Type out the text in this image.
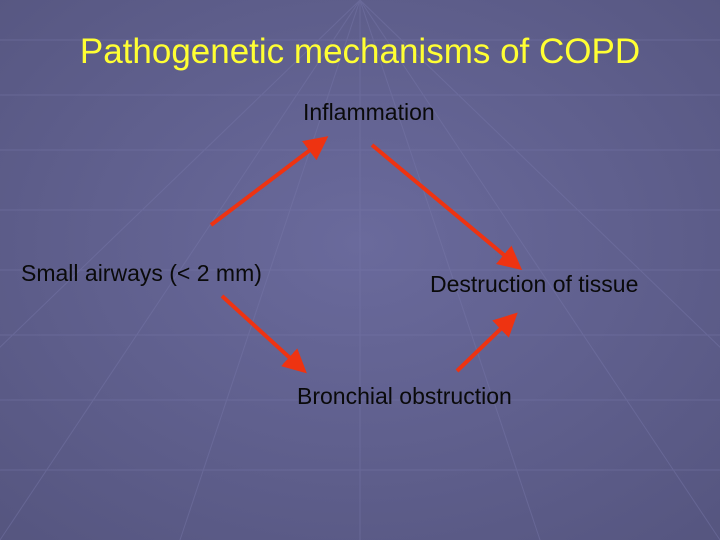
Pathogenetic mechanisms of COPD
Inflammation
Small airways (< 2 mm)	Destruction of tissue
Bronchial obstruction
